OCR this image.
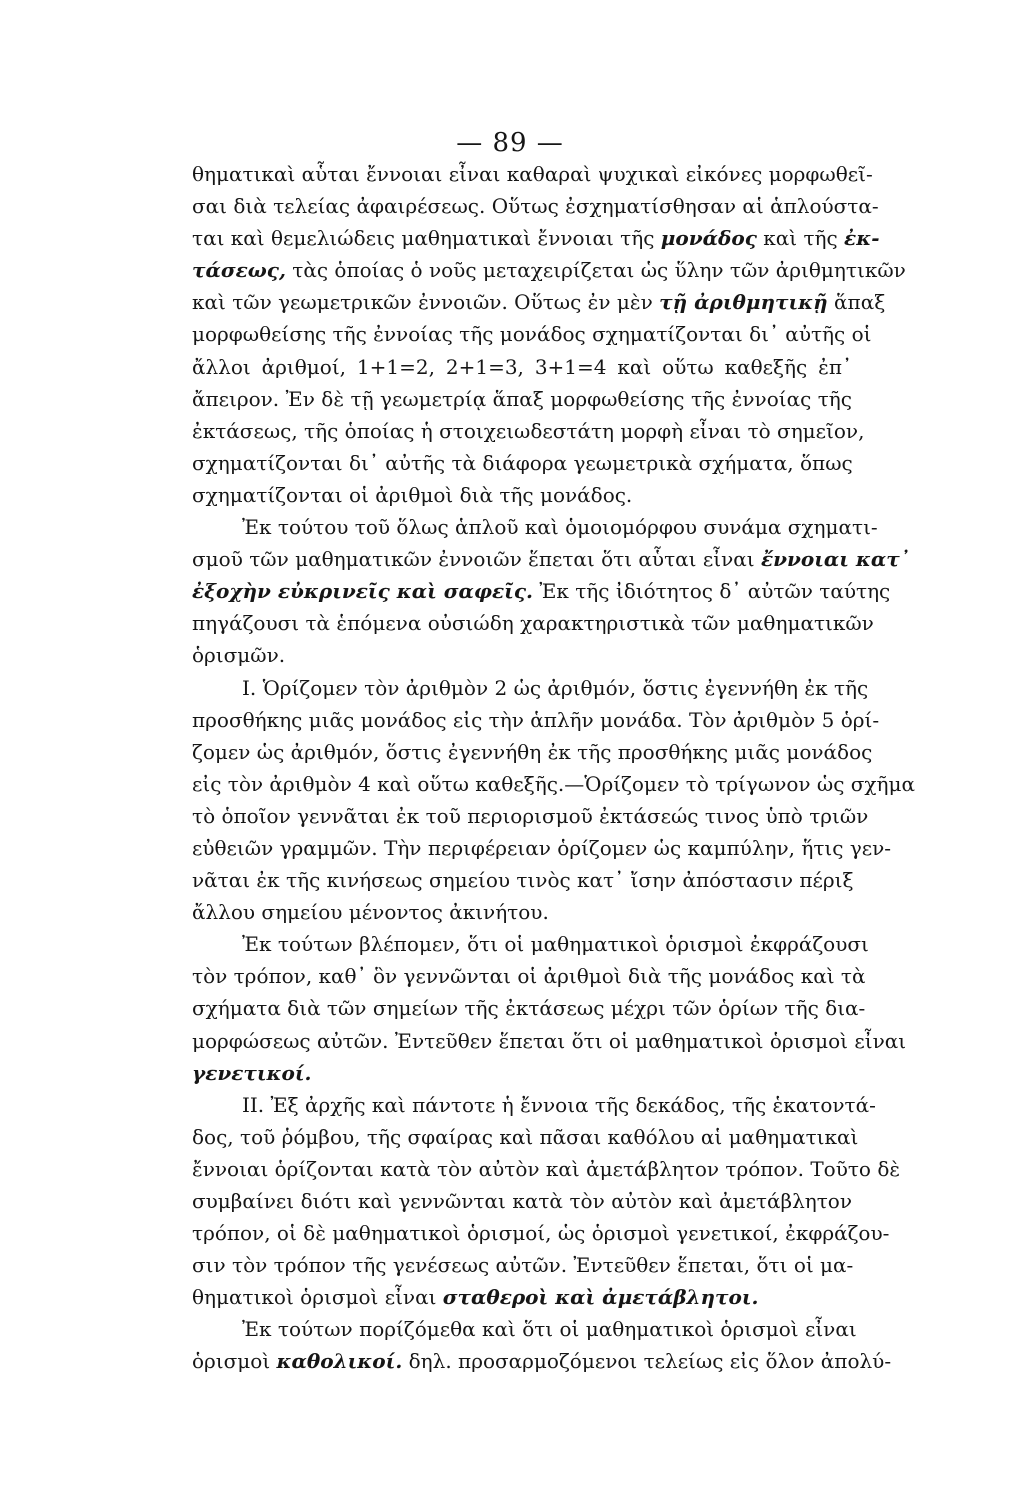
— 89 —
θηματικαὶ αὗται ἔννοιαι εἶναι καθαραὶ ψυχικαὶ εἰκόνες μορφωθεῖ-
σαι διὰ τελείας ἀφαιρέσεως. Οὕτως ἐσχηματίσθησαν αἱ ἁπλούστα-
ται καὶ θεμελιώδεις μαθηματικαὶ ἔννοιαι τῆς μονάδος καὶ τῆς ἐκ-
τάσεως, τὰς ὁποίας ὁ νοῦς μεταχειρίζεται ὡς ὕλην τῶν ἀριθμητικῶν
καὶ τῶν γεωμετρικῶν ἐννοιῶν. Οὕτως ἐν μὲν τῇ ἀριθμητικῇ ἅπαξ
μορφωθείσης τῆς ἐννοίας τῆς μονάδος σχηματίζονται δι᾽ αὐτῆς οἱ
ἄλλοι ἀριθμοί, 1+1=2, 2+1=3, 3+1=4 καὶ οὕτω καθεξῆς ἐπ᾽
ἄπειρον. Ἐν δὲ τῇ γεωμετρίᾳ ἅπαξ μορφωθείσης τῆς ἐννοίας τῆς
ἐκτάσεως, τῆς ὁποίας ἡ στοιχειωδεστάτη μορφὴ εἶναι τὸ σημεῖον,
σχηματίζονται δι᾽ αὐτῆς τὰ διάφορα γεωμετρικὰ σχήματα, ὅπως
σχηματίζονται οἱ ἀριθμοὶ διὰ τῆς μονάδος.
Ἐκ τούτου τοῦ ὅλως ἁπλοῦ καὶ ὁμοιομόρφου συνάμα σχηματι-
σμοῦ τῶν μαθηματικῶν ἐννοιῶν ἕπεται ὅτι αὗται εἶναι ἔννοιαι κατ᾽
ἐξοχὴν εὐκρινεῖς καὶ σαφεῖς. Ἐκ τῆς ἰδιότητος δ᾽ αὐτῶν ταύτης
πηγάζουσι τὰ ἑπόμενα οὐσιώδη χαρακτηριστικὰ τῶν μαθηματικῶν
ὁρισμῶν.
I. Ὁρίζομεν τὸν ἀριθμὸν 2 ὡς ἀριθμόν, ὅστις ἐγεννήθη ἐκ τῆς
προσθήκης μιᾶς μονάδος εἰς τὴν ἁπλῆν μονάδα. Τὸν ἀριθμὸν 5 ὁρί-
ζομεν ὡς ἀριθμόν, ὅστις ἐγεννήθη ἐκ τῆς προσθήκης μιᾶς μονάδος
εἰς τὸν ἀριθμὸν 4 καὶ οὕτω καθεξῆς.—Ὁρίζομεν τὸ τρίγωνον ὡς σχῆμα
τὸ ὁποῖον γεννᾶται ἐκ τοῦ περιορισμοῦ ἐκτάσεώς τινος ὑπὸ τριῶν
εὐθειῶν γραμμῶν. Τὴν περιφέρειαν ὁρίζομεν ὡς καμπύλην, ἥτις γεν-
νᾶται ἐκ τῆς κινήσεως σημείου τινὸς κατ᾽ ἴσην ἀπόστασιν πέριξ
ἄλλου σημείου μένοντος ἀκινήτου.
Ἐκ τούτων βλέπομεν, ὅτι οἱ μαθηματικοὶ ὁρισμοὶ ἐκφράζουσι
τὸν τρόπον, καθ᾽ ὃν γεννῶνται οἱ ἀριθμοὶ διὰ τῆς μονάδος καὶ τὰ
σχήματα διὰ τῶν σημείων τῆς ἐκτάσεως μέχρι τῶν ὁρίων τῆς δια-
μορφώσεως αὐτῶν. Ἐντεῦθεν ἕπεται ὅτι οἱ μαθηματικοὶ ὁρισμοὶ εἶναι
γενετικοί.
II. Ἐξ ἀρχῆς καὶ πάντοτε ἡ ἔννοια τῆς δεκάδος, τῆς ἑκατοντά-
δος, τοῦ ῥόμβου, τῆς σφαίρας καὶ πᾶσαι καθόλου αἱ μαθηματικαὶ
ἔννοιαι ὁρίζονται κατὰ τὸν αὐτὸν καὶ ἀμετάβλητον τρόπον. Τοῦτο δὲ
συμβαίνει διότι καὶ γεννῶνται κατὰ τὸν αὐτὸν καὶ ἀμετάβλητον
τρόπον, οἱ δὲ μαθηματικοὶ ὁρισμοί, ὡς ὁρισμοὶ γενετικοί, ἐκφράζου-
σιν τὸν τρόπον τῆς γενέσεως αὐτῶν. Ἐντεῦθεν ἕπεται, ὅτι οἱ μα-
θηματικοὶ ὁρισμοὶ εἶναι σταθεροὶ καὶ ἀμετάβλητοι.
Ἐκ τούτων πορίζόμεθα καὶ ὅτι οἱ μαθηματικοὶ ὁρισμοὶ εἶναι
ὁρισμοὶ καθολικοί. δηλ. προσαρμοζόμενοι τελείως εἰς ὅλον ἀπολύ-
